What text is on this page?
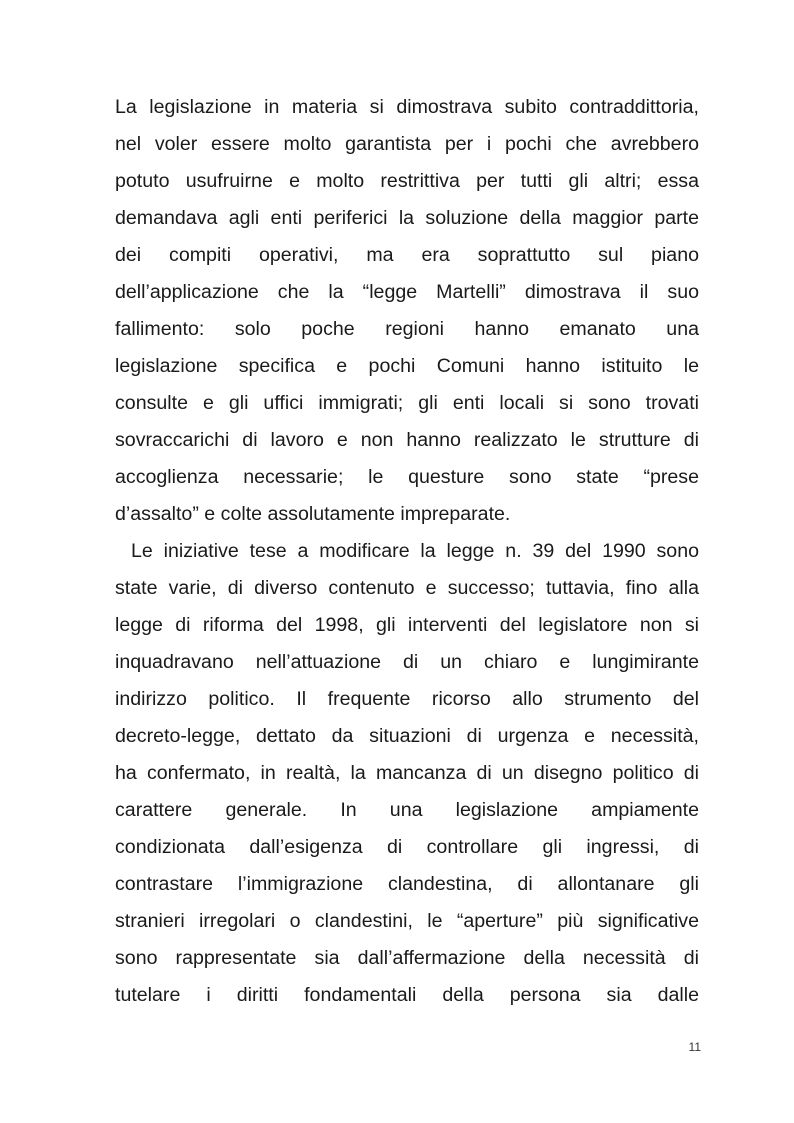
La legislazione in materia si dimostrava subito contraddittoria,
nel voler essere molto garantista per i pochi che avrebbero
potuto usufruirne e molto restrittiva per tutti gli altri; essa
demandava agli enti periferici la soluzione della maggior parte
dei compiti operativi, ma era soprattutto sul piano
dell’applicazione che la “legge Martelli” dimostrava il suo
fallimento: solo poche regioni hanno emanato una
legislazione specifica e pochi Comuni hanno istituito le
consulte e gli uffici immigrati; gli enti locali si sono trovati
sovraccarichi di lavoro e non hanno realizzato le strutture di
accoglienza necessarie; le questure sono state “prese
d’assalto” e colte assolutamente impreparate.
Le iniziative tese a modificare la legge n. 39 del 1990 sono
state varie, di diverso contenuto e successo; tuttavia, fino alla
legge di riforma del 1998, gli interventi del legislatore non si
inquadravano nell’attuazione di un chiaro e lungimirante
indirizzo politico. Il frequente ricorso allo strumento del
decreto-legge, dettato da situazioni di urgenza e necessità,
ha confermato, in realtà, la mancanza di un disegno politico di
carattere generale. In una legislazione ampiamente
condizionata dall’esigenza di controllare gli ingressi, di
contrastare l’immigrazione clandestina, di allontanare gli
stranieri irregolari o clandestini, le “aperture” più significative
sono rappresentate sia dall’affermazione della necessità di
tutelare i diritti fondamentali della persona sia dalle
11
